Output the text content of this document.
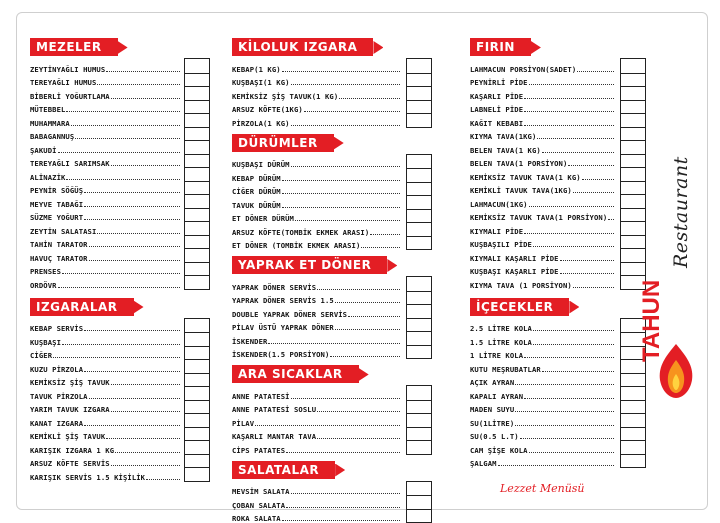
MEZELER
ZEYTİNYAĞLI HUMUS
TEREYAĞLI HUMUS
BİBERLİ YOĞURTLAMA
MÜTEBBEL
MUHAMMARA
BABAGANNUŞ
ŞAKUDİ
TEREYAĞLI SARIMSAK
ALİNAZİK
PEYNİR SÖĞÜŞ
MEYVE TABAĞI
SÜZME YOĞURT
ZEYTİN SALATASI
TAHİN TARATOR
HAVUÇ TARATOR
PRENSES
ORDÖVR
IZGARALAR
KEBAP SERVİS
KUŞBAŞI
CİĞER
KUZU PİRZOLA
KEMİKSİZ ŞİŞ TAVUK
TAVUK PİRZOLA
YARIM TAVUK IZGARA
KANAT IZGARA
KEMİKLİ ŞİŞ TAVUK
KARIŞIK IZGARA 1 KG
ARSUZ KÖFTE SERVİS
KARIŞIK SERVİS 1.5 KİŞİLİK
KİLOLUK IZGARA
KEBAP(1 KG)
KUŞBAŞI(1 KG)
KEMİKSİZ ŞİŞ TAVUK(1 KG)
ARSUZ KÖFTE(1KG)
PİRZOLA(1 KG)
DÜRÜMLER
KUŞBAŞI DÜRÜM
KEBAP DÜRÜM
CİĞER DÜRÜM
TAVUK DÜRÜM
ET DÖNER DÜRÜM
ARSUZ KÖFTE(TOMBİK EKMEK ARASI)
ET DÖNER (TOMBİK EKMEK ARASI)
YAPRAK ET DÖNER
YAPRAK DÖNER SERVİS
YAPRAK DÖNER SERVİS 1.5
DOUBLE YAPRAK DÖNER SERVİS
PİLAV ÜSTÜ YAPRAK DÖNER
İSKENDER
İSKENDER(1.5 PORSİYON)
ARA SICAKLAR
ANNE PATATESİ
ANNE PATATESİ SOSLU
PİLAV
KAŞARLI MANTAR TAVA
CİPS PATATES
SALATALAR
MEVSİM SALATA
ÇOBAN SALATA
ROKA SALATA
FIRIN
LAHMACUN PORSİYON(SADET)
PEYNİRLİ PİDE
KAŞARLI PİDE
LABNELİ PİDE
KAĞIT KEBABI
KIYMA TAVA(1KG)
BELEN TAVA(1 KG)
BELEN TAVA(1 PORSİYON)
KEMİKSİZ TAVUK TAVA(1 KG)
KEMİKLİ TAVUK TAVA(1KG)
LAHMACUN(1KG)
KEMİKSİZ TAVUK TAVA(1 PORSİYON)
KIYMALI PİDE
KUŞBAŞILI PİDE
KIYMALI KAŞARLI PİDE
KUŞBAŞI KAŞARLI PİDE
KIYMA TAVA (1 PORSİYON)
İÇECEKLER
2.5 LİTRE KOLA
1.5 LİTRE KOLA
1 LİTRE KOLA
KUTU MEŞRUBATLAR
AÇIK AYRAN
KAPALI AYRAN
MADEN SUYU
SU(1LİTRE)
SU(0.5 L.T)
CAM ŞİŞE KOLA
ŞALGAM
TAHUN
Restaurant
Lezzet Menüsü
